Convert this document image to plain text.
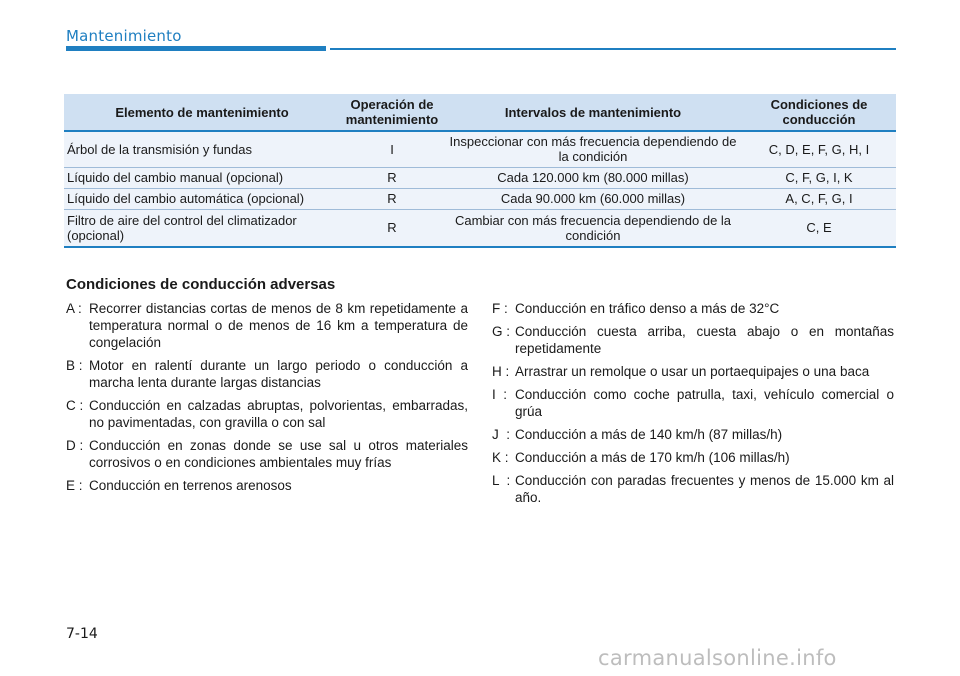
Mantenimiento
Elemento de mantenimiento	Operación de mantenimiento	Intervalos de mantenimiento	Condiciones de conducción
Árbol de la transmisión y fundas	I	Inspeccionar con más frecuencia dependiendo de la condición	C, D, E, F, G, H, I
Líquido del cambio manual (opcional)	R	Cada 120.000 km (80.000 millas)	C, F, G, I, K
Líquido del cambio automática (opcional)	R	Cada 90.000 km (60.000 millas)	A, C, F, G, I
Filtro de aire del control del climatizador (opcional)	R	Cambiar con más frecuencia dependiendo de la condición	C, E
Condiciones de conducción adversas
A : Recorrer distancias cortas de menos de 8 km repetidamente a temperatura normal o de menos de 16 km a temperatura de congelación
B : Motor en ralentí durante un largo periodo o conducción a marcha lenta durante largas distancias
C : Conducción en calzadas abruptas, polvorientas, embarradas, no pavimentadas, con gravilla o con sal
D : Conducción en zonas donde se use sal u otros materiales corrosivos o en condiciones ambientales muy frías
E : Conducción en terrenos arenosos
F : Conducción en tráfico denso a más de 32°C
G : Conducción cuesta arriba, cuesta abajo o en montañas repetidamente
H : Arrastrar un remolque o usar un portaequipajes o una baca
I  : Conducción como coche patrulla, taxi, vehículo comercial o grúa
J  : Conducción a más de 140 km/h (87 millas/h)
K : Conducción a más de 170 km/h (106 millas/h)
L  : Conducción con paradas frecuentes y menos de 15.000 km al año.
7-14
carmanualsonline.info
